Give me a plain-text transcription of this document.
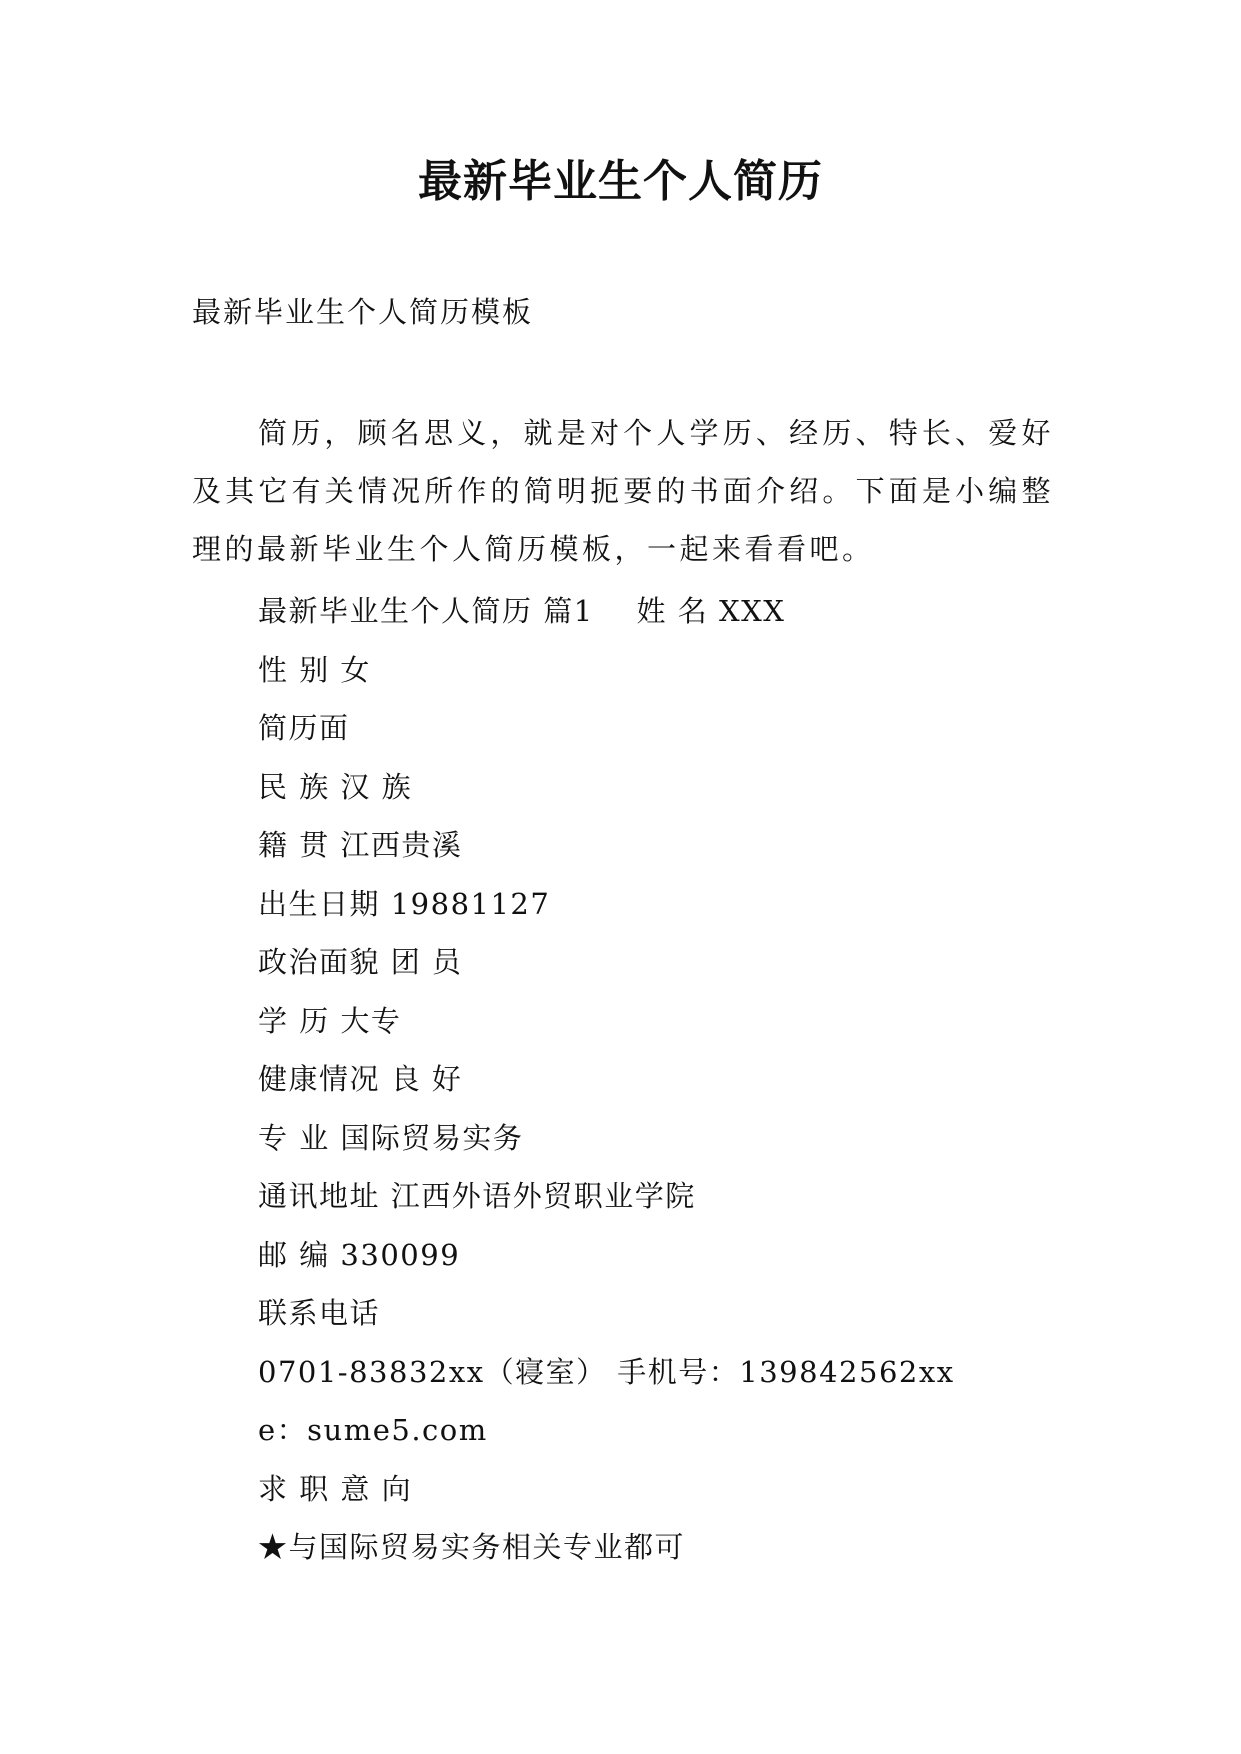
最新毕业生个人简历
最新毕业生个人简历模板

简历，顾名思义，就是对个人学历、经历、特长、爱好及其它有关情况所作的简明扼要的书面介绍。下面是小编整理的最新毕业生个人简历模板，一起来看看吧。

最新毕业生个人简历 篇1    姓 名 XXX
性 别 女
简历面
民 族 汉 族
籍 贯 江西贵溪
出生日期 19881127
政治面貌 团 员
学 历 大专
健康情况 良 好
专 业 国际贸易实务
通讯地址 江西外语外贸职业学院
邮 编 330099
联系电话
0701-83832xx（寝室） 手机号：139842562xx
e：sume5.com
求 职 意 向
★与国际贸易实务相关专业都可
